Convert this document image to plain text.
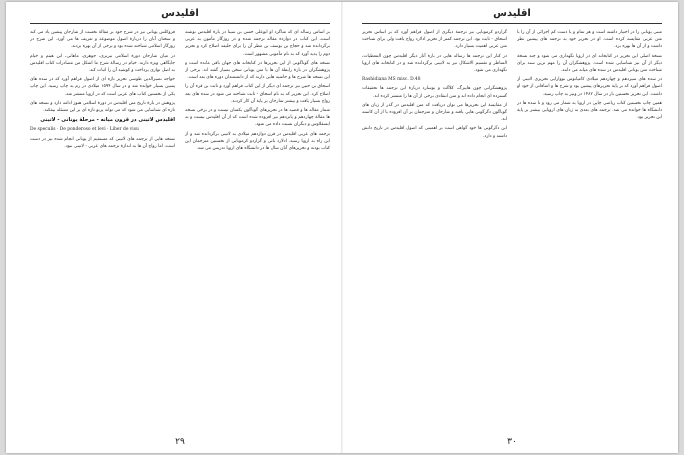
اقلیدس

بر اساس رساله ای که شاگرد او ابوعلی حسن بن سینا در بارهٔ اقلیدس نوشته است، این کتاب در دوازده مقاله ترجمه شده و در روزگار مأمون به عربی برگردانده شد و حجاج بن یوسف بن مطر آن را برای خلیفه اصلاح کرد و تحریر دوم را پدید آورد که به نام مأمونی مشهور است.

نسخه های گوناگونی از این تحریرها در کتابخانه های جهان باقی مانده است و پژوهشگران در بارهٔ رابطهٔ آن ها با متن یونانی سخن بسیار گفته اند. برخی از این نسخه ها شرح ها و حاشیه هایی دارند که از دانشمندان دوره های بعد است.

اسحاق بن حنین نیز ترجمه ای دیگر از این کتاب فراهم آورد و ثابت بن قره آن را اصلاح کرد. این تحریر که به نام اسحاق - ثابت شناخته می شود در سده های بعد رواج بسیار یافت و بیشتر شارحان بر پایهٔ آن کار کردند.

شمار مقاله ها و قضیه ها در تحریرهای گوناگون یکسان نیست و در برخی نسخه ها مقالهٔ چهاردهم و پانزدهم نیز افزوده شده است که از آن اقلیدس نیست و به ابسقلاوس و دیگران نسبت داده می شود.

ترجمه های عربی اقلیدس در قرن دوازدهم میلادی به لاتینی برگردانده شد و از این راه به اروپا رسید. ادلارد باثی و گراردو کرمونایی از نخستین مترجمان این کتاب بودند و تحریرهای آنان سال ها در دانشگاه های اروپا تدریس می شد.

فروکلس یونانی نیز در شرح خود بر مقالهٔ نخست از شارحان پیشین یاد می کند و سخنان آنان را دربارهٔ اصول موضوعه و تعریف ها می آورد. این شرح در روزگار اسلامی شناخته شده بود و برخی از آن بهره بردند.

در میان شارحان دورهٔ اسلامی نیریزی، جوهری، ماهانی، ابن هیثم و خیام جایگاهی ویژه دارند. خیام در رسالهٔ شرح ما اشکل من مصادرات کتاب اقلیدس به اصل توازی پرداخت و کوشید آن را اثبات کند.

خواجه نصیرالدین طوسی تحریر تازه ای از اصول فراهم آورد که در سده های پسین بسیار خوانده شد و در سال ۱۵۹۴ میلادی در رم به چاپ رسید. این چاپ یکی از نخستین کتاب های عربی است که در اروپا منتشر شد.

پژوهش در بارهٔ تاریخ متن اقلیدس در دورهٔ اسلامی هنوز ادامه دارد و نسخه های تازه ای شناسایی می شود که می تواند پرتو تازه ای بر این مسئله بیفکند.

اقلیدس لاتینی در قرون میانه - مرحلهٔ یونانی - لاتینی

De speculis · De ponderoso et levi · Liber de visu

نسخه هایی از ترجمه های لاتینی که مستقیم از یونانی انجام شده نیز در دست است، اما رواج آن ها به اندازهٔ ترجمه های عربی - لاتینی نبود.

۲۹
اقلیدس

مبنی یونانی را در اختیار داشته است و هر تمام و یا دست کم اجزائی از آن را با متن عربی مقایسه کرده است. او در تحریر خود به ترجمه های پیشین نظر داشت و از آن ها بهره برد.

نسخهٔ اصلی این تحریر در کتابخانه ای در اروپا نگهداری می شود و چند نسخهٔ دیگر از آن نیز شناسایی شده است. پژوهشگران آن را مهم ترین سند برای شناخت متن یونانی اقلیدس در سده های میانه می دانند.

در سده های سیزدهم و چهاردهم میلادی کامپانوس نووارایی تحریری لاتینی از اصول فراهم آورد که بر پایهٔ تحریرهای پیشین بود و شرح ها و اضافاتی از خود او داشت. این تحریر نخستین بار در سال ۱۴۸۲ در ونیز به چاپ رسید.

همین چاپ نخستین کتاب ریاضی چاپی در اروپا به شمار می رود و تا سده ها در دانشگاه ها خوانده می شد. ترجمه های بعدی به زبان های اروپایی بیشتر بر پایهٔ این تحریر بود.

گراردو کرمونایی نیز ترجمهٔ دیگری از اصول فراهم آورد که بر اساس تحریر اسحاق - ثابت بود. این ترجمه کمتر از تحریر ادلارد رواج یافت ولی برای شناخت متن عربی اهمیت بسیار دارد.

در کنار این ترجمه ها رساله هایی در بارهٔ آثار دیگر اقلیدس چون المعطیات، المناظر و تقسیم الاشکال نیز به لاتینی برگردانده شد و در کتابخانه های اروپا نگهداری می شود.

Rashidiana MS misc. D.48

پژوهشگرانی چون هایبرگ، کلاگت و بوسارد دربارهٔ این ترجمه ها تحقیقات گسترده ای انجام داده اند و متن انتقادی برخی از آن ها را منتشر کرده اند.

از مقایسهٔ این تحریرها می توان دریافت که متن اقلیدس در گذر از زبان های گوناگون دگرگونی هایی یافته و شارحان و مترجمان بر آن افزوده یا از آن کاسته اند.

این دگرگونی ها خود گواهی است بر اهمیتی که اصول اقلیدس در تاریخ دانش داشته و دارد.

۳۰
